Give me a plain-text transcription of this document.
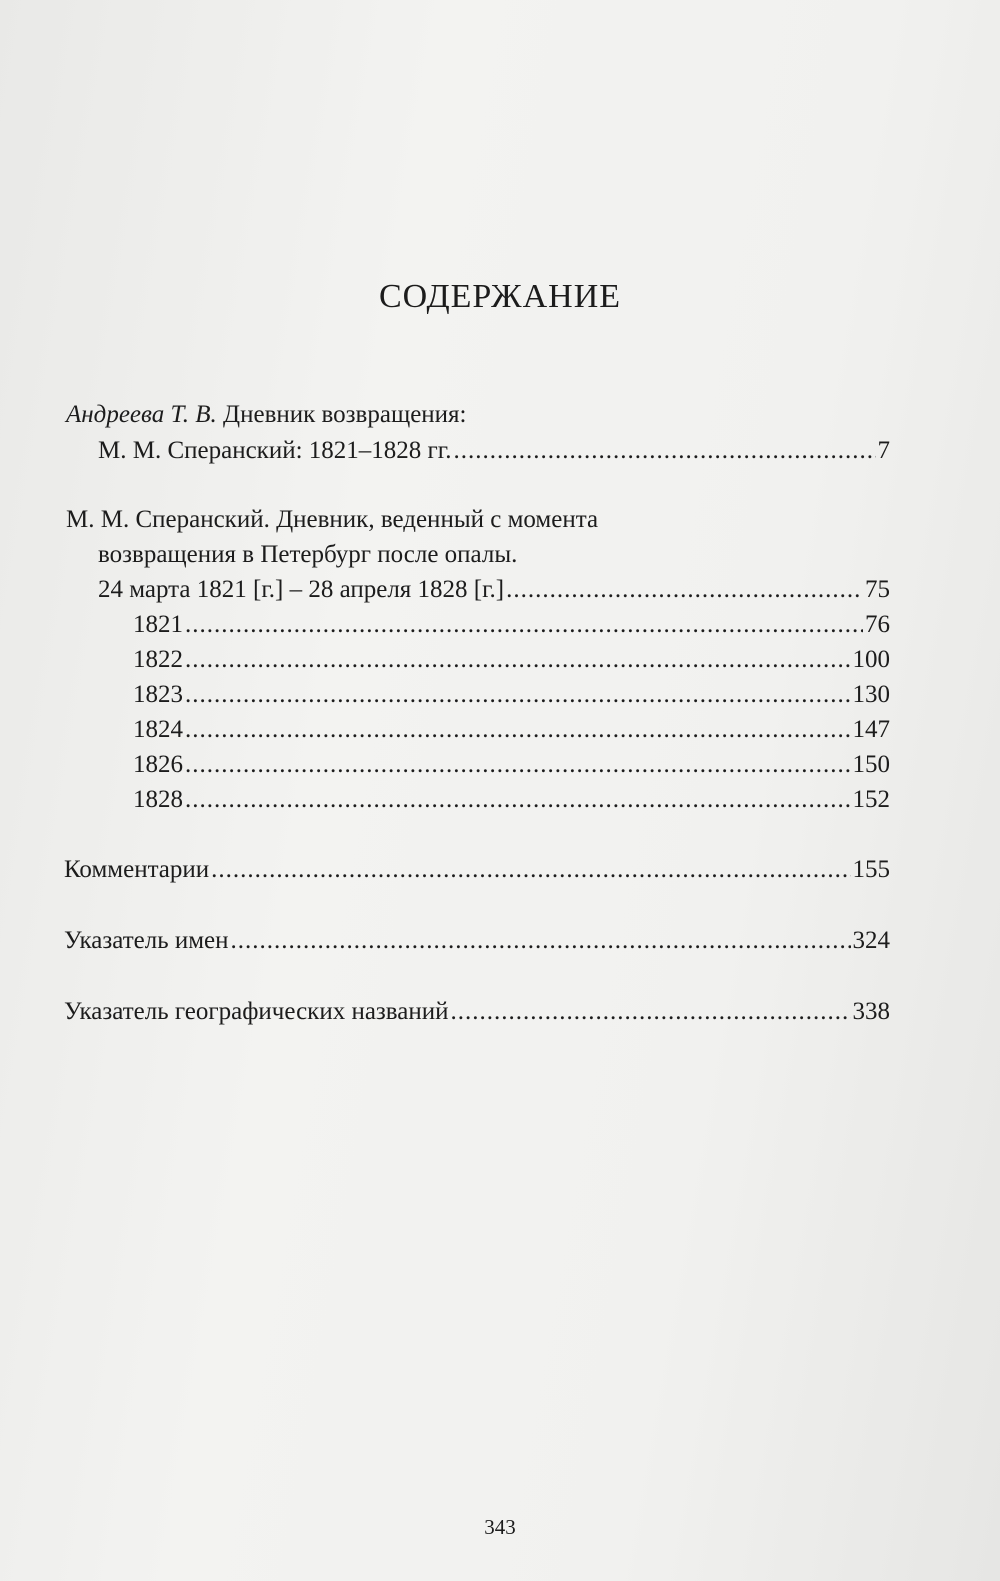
СОДЕРЖАНИЕ
Андреева Т. В. Дневник возвращения:
М. М. Сперанский: 1821–1828 гг. .....	7
М. М. Сперанский. Дневник, веденный с момента
возвращения в Петербург после опалы.
24 марта 1821 [г.] – 28 апреля 1828 [г.] .....	75
1821 .....	76
1822 .....	100
1823 .....	130
1824 .....	147
1826 .....	150
1828 .....	152
Комментарии .....	155
Указатель имен .....	324
Указатель географических названий .....	338
343
